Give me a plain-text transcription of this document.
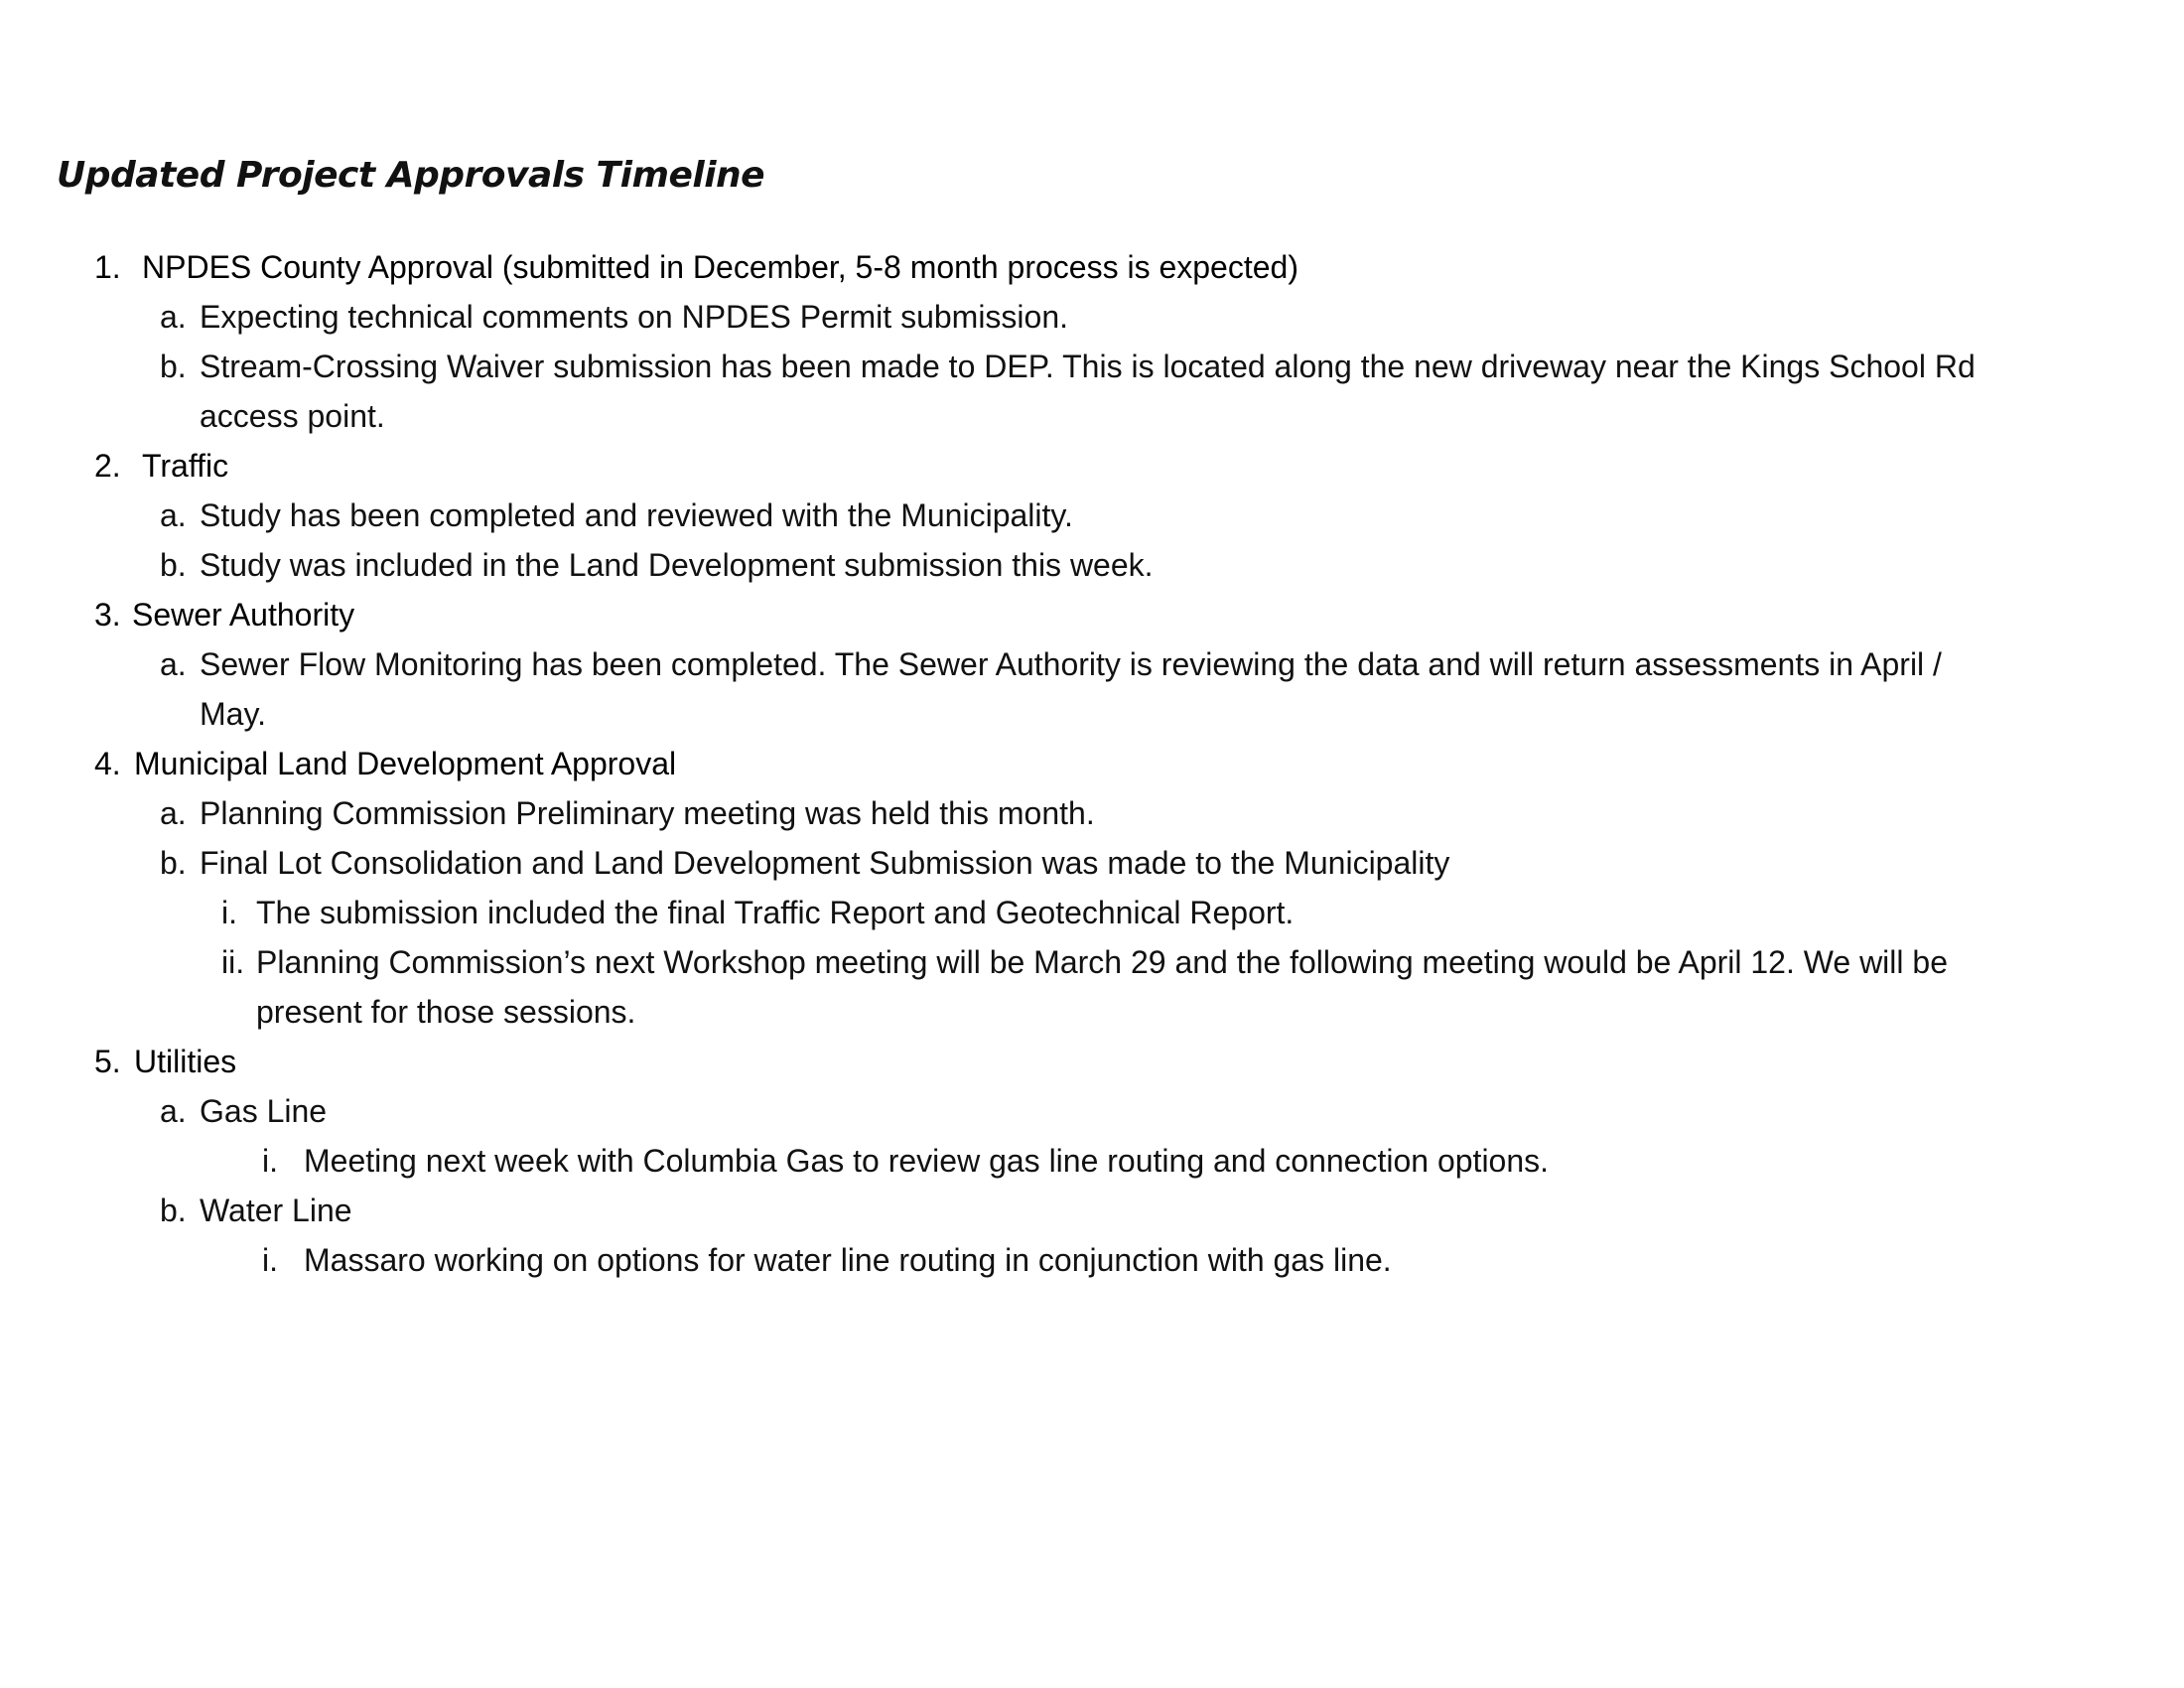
Updated Project Approvals Timeline
1. NPDES County Approval (submitted in December, 5-8 month process is expected)
a. Expecting technical comments on NPDES Permit submission.
b. Stream-Crossing Waiver submission has been made to DEP. This is located along the new driveway near the Kings School Rd
access point.
2. Traffic
a. Study has been completed and reviewed with the Municipality.
b. Study was included in the Land Development submission this week.
3. Sewer Authority
a. Sewer Flow Monitoring has been completed. The Sewer Authority is reviewing the data and will return assessments in April /
May.
4. Municipal Land Development Approval
a. Planning Commission Preliminary meeting was held this month.
b. Final Lot Consolidation and Land Development Submission was made to the Municipality
i. The submission included the final Traffic Report and Geotechnical Report.
ii. Planning Commission’s next Workshop meeting will be March 29 and the following meeting would be April 12. We will be
present for those sessions.
5. Utilities
a. Gas Line
i. Meeting next week with Columbia Gas to review gas line routing and connection options.
b. Water Line
i. Massaro working on options for water line routing in conjunction with gas line.
